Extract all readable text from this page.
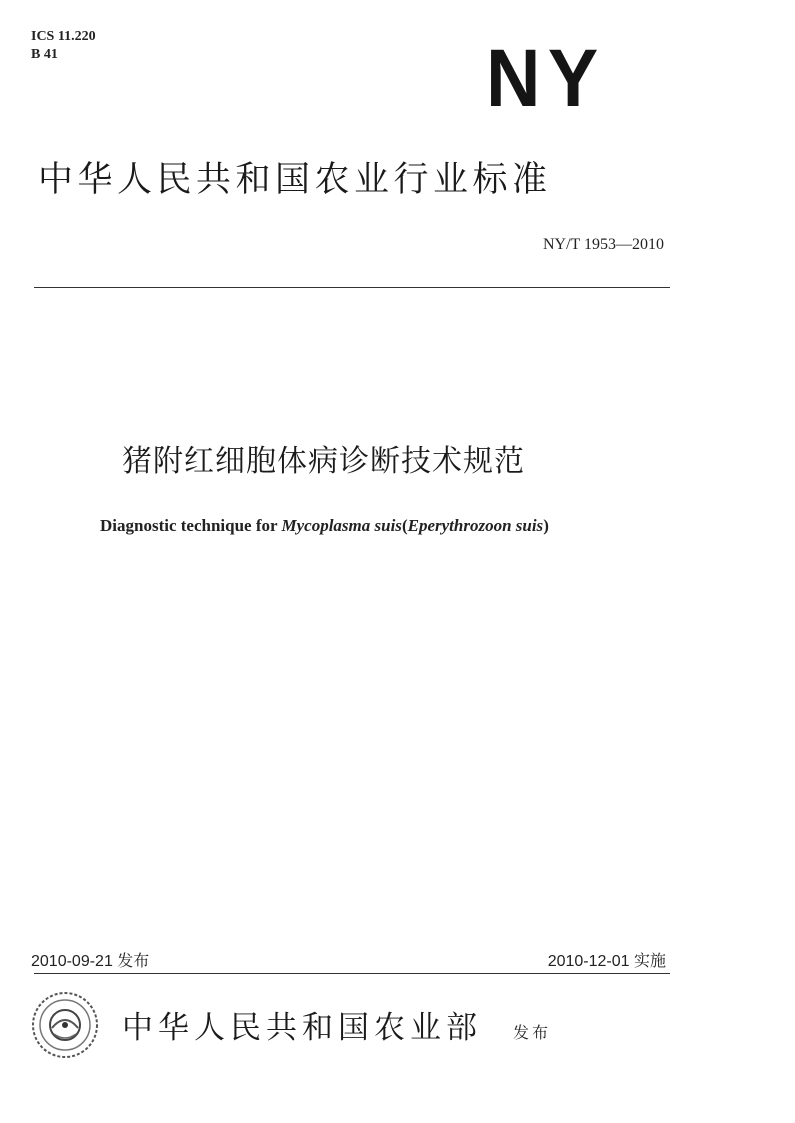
ICS 11.220
B 41	NY
中华人民共和国农业行业标准
NY/T 1953—2010
猪附红细胞体病诊断技术规范
Diagnostic technique for Mycoplasma suis(Eperythrozoon suis)
2010-09-21 发布	2010-12-01 实施
中华人民共和国农业部 发布
